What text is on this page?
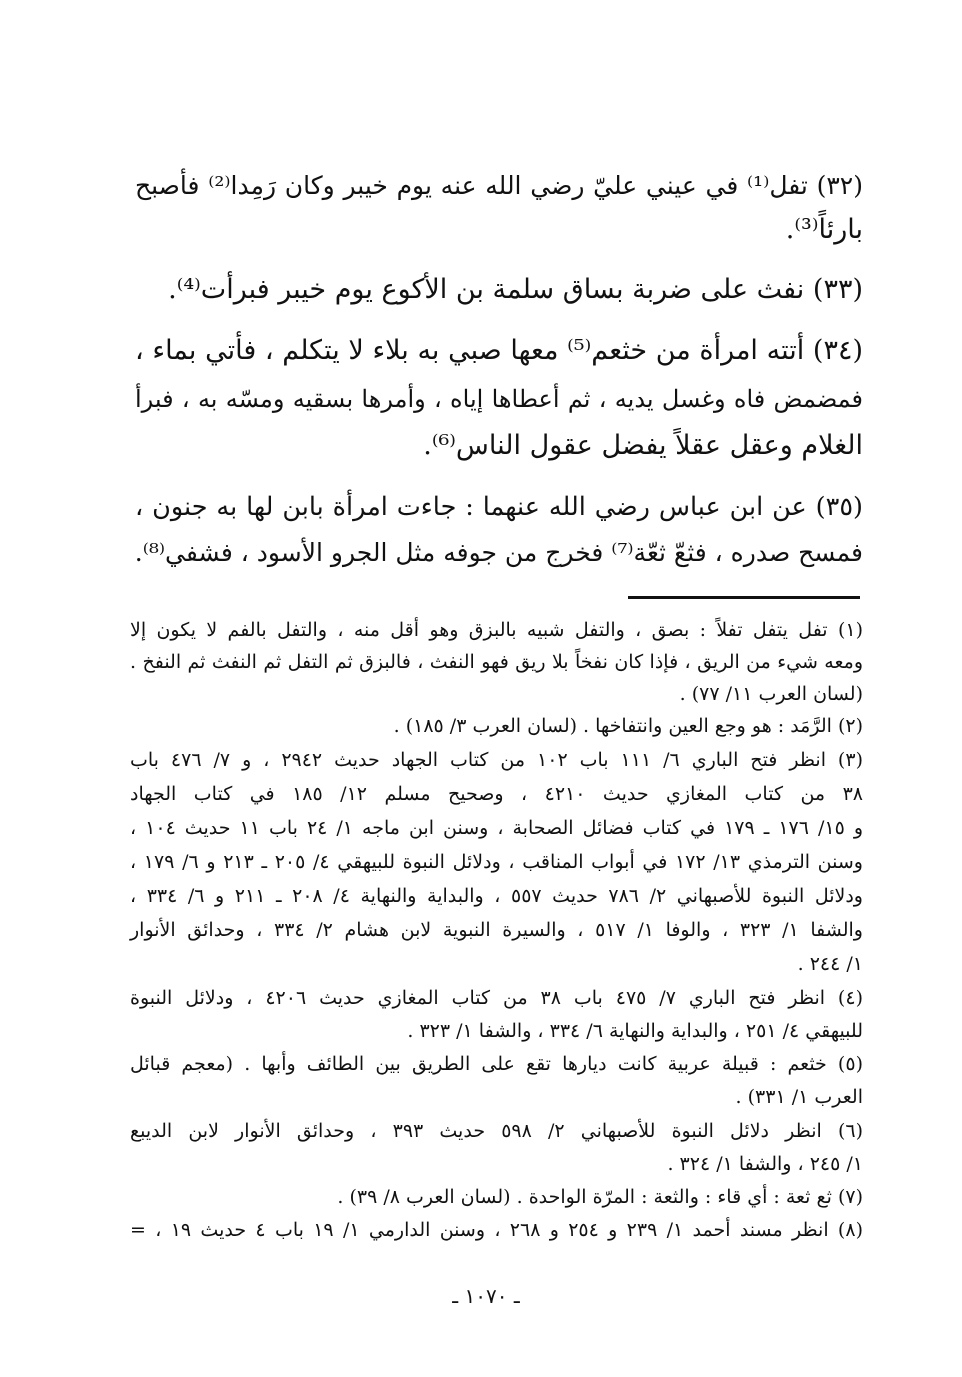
(٣٢) تفل⁽¹⁾ في عيني عليّ رضي الله عنه يوم خيبر وكان رَمِدا⁽²⁾ فأصبح
بارئاً⁽³⁾.
(٣٣) نفث على ضربة بساق سلمة بن الأكوع يوم خيبر فبرأت⁽⁴⁾.
(٣٤) أتته امرأة من خثعم⁽⁵⁾ معها صبي به بلاء لا يتكلم ، فأتي بماء ،
فمضمض فاه وغسل يديه ، ثم أعطاها إياه ، وأمرها بسقيه ومسّه به ، فبرأ
الغلام وعقل عقلاً يفضل عقول الناس⁽⁶⁾.
(٣٥) عن ابن عباس رضي الله عنهما : جاءت امرأة بابن لها به جنون ،
فمسح صدره ، فثعّ ثعّة⁽⁷⁾ فخرج من جوفه مثل الجرو الأسود ، فشفي⁽⁸⁾.
(١) تفل يتفل تفلاً : بصق ، والتفل شبيه بالبزق وهو أقل منه ، والتفل بالفم لا يكون إلا
ومعه شيء من الريق ، فإذا كان نفخاً بلا ريق فهو النفث ، فالبزق ثم التفل ثم النفث ثم النفخ .
(لسان العرب ١١/ ٧٧) .
(٢) الرَّمَد : هو وجع العين وانتفاخها . (لسان العرب ٣/ ١٨٥) .
(٣) انظر فتح الباري ٦/ ١١١ باب ١٠٢ من كتاب الجهاد حديث ٢٩٤٢ ، و ٧/ ٤٧٦ باب
٣٨ من كتاب المغازي حديث ٤٢١٠ ، وصحيح مسلم ١٢/ ١٨٥ في كتاب الجهاد
و ١٥/ ١٧٦ ـ ١٧٩ في كتاب فضائل الصحابة ، وسنن ابن ماجه ١/ ٢٤ باب ١١ حديث ١٠٤ ،
وسنن الترمذي ١٣/ ١٧٢ في أبواب المناقب ، ودلائل النبوة للبيهقي ٤/ ٢٠٥ ـ ٢١٣ و ٦/ ١٧٩ ،
ودلائل النبوة للأصبهاني ٢/ ٧٨٦ حديث ٥٥٧ ، والبداية والنهاية ٤/ ٢٠٨ ـ ٢١١ و ٦/ ٣٣٤ ،
والشفا ١/ ٣٢٣ ، والوفا ١/ ٥١٧ ، والسيرة النبوية لابن هشام ٢/ ٣٣٤ ، وحدائق الأنوار
١/ ٢٤٤ .
(٤) انظر فتح الباري ٧/ ٤٧٥ باب ٣٨ من كتاب المغازي حديث ٤٢٠٦ ، ودلائل النبوة
للبيهقي ٤/ ٢٥١ ، والبداية والنهاية ٦/ ٣٣٤ ، والشفا ١/ ٣٢٣ .
(٥) خثعم : قبيلة عربية كانت ديارها تقع على الطريق بين الطائف وأبها . (معجم قبائل
العرب ١/ ٣٣١) .
(٦) انظر دلائل النبوة للأصبهاني ٢/ ٥٩٨ حديث ٣٩٣ ، وحدائق الأنوار لابن الديبع
١/ ٢٤٥ ، والشفا ١/ ٣٢٤ .
(٧) ثع ثعة : أي قاء : والثعة : المرّة الواحدة . (لسان العرب ٨/ ٣٩) .
(٨) انظر مسند أحمد ١/ ٢٣٩ و ٢٥٤ و ٢٦٨ ، وسنن الدارمي ١/ ١٩ باب ٤ حديث ١٩ ، =
ـ ١٠٧٠ ـ
